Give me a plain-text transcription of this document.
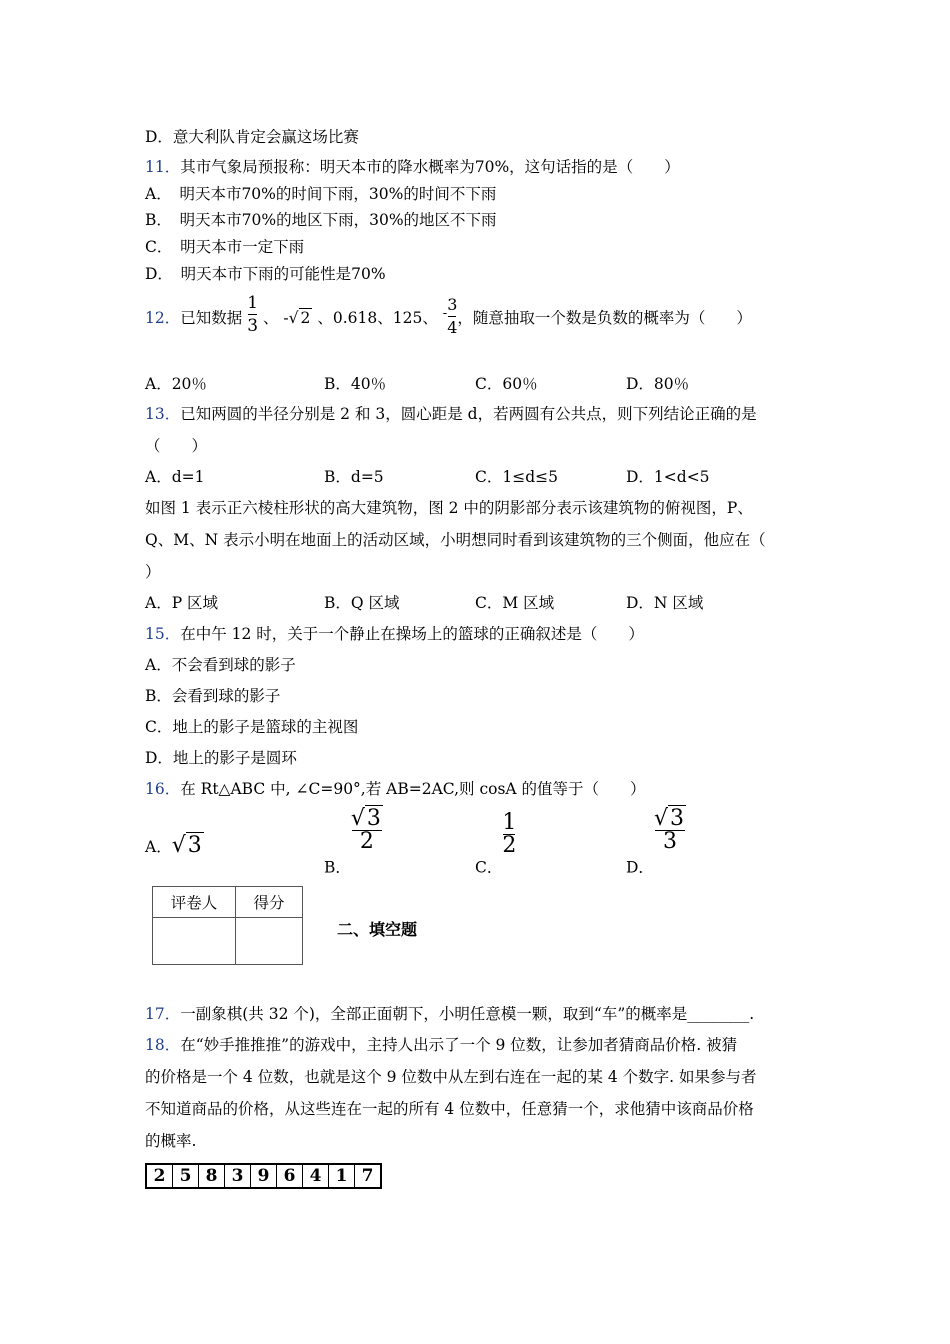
D．意大利队肯定会赢这场比赛
11．其市气象局预报称：明天本市的降水概率为70%，这句话指的是（　　）
A．　明天本市70%的时间下雨，30%的时间不下雨
B．　明天本市70%的地区下雨，30%的地区不下雨
C．　明天本市一定下雨
D．　明天本市下雨的可能性是70%
12．已知数据 $\frac{1}{3}$ 、 -√ 2 、0.618、125、 $^- \frac{3}{4}$ ，随意抽取一个数是负数的概率为（　　）
A．20％	B．40％	C．60％	D．80％
13．已知两圆的半径分别是 2 和 3，圆心距是 d，若两圆有公共点，则下列结论正确的是
（　　）
A．d=1	B．d=5	C．1≤d≤5	D．1<d<5
如图 1 表示正六棱柱形状的高大建筑物，图 2 中的阴影部分表示该建筑物的俯视图，P、
Q、M、N 表示小明在地面上的活动区域，小明想同时看到该建筑物的三个侧面，他应在（
）
A．P 区域	B．Q 区域	C．M 区域	D．N 区域
15．在中午 12 时，关于一个静止在操场上的篮球的正确叙述是（　　）
A．不会看到球的影子
B．会看到球的影子
C．地上的影子是篮球的主视图
D．地上的影子是圆环
16．在 Rt△ABC 中, ∠C=90°,若 AB=2AC,则 cosA 的值等于（　　）
A．√3
B．
$\frac{√3}{2}$
C．
$\frac{1}{2}$
D．
$\frac{√3}{3}$
评卷人	得分

二、填空题
17．一副象棋(共 32 个)，全部正面朝下，小明任意模一颗，取到“车”的概率是________.
18．在“妙手推推推”的游戏中，主持人出示了一个 9 位数，让参加者猜商品价格. 被猜
的价格是一个 4 位数，也就是这个 9 位数中从左到右连在一起的某 4 个数字. 如果参与者
不知道商品的价格，从这些连在一起的所有 4 位数中，任意猜一个，求他猜中该商品价格
的概率.
2 5 8 3 9 6 4 1 7
